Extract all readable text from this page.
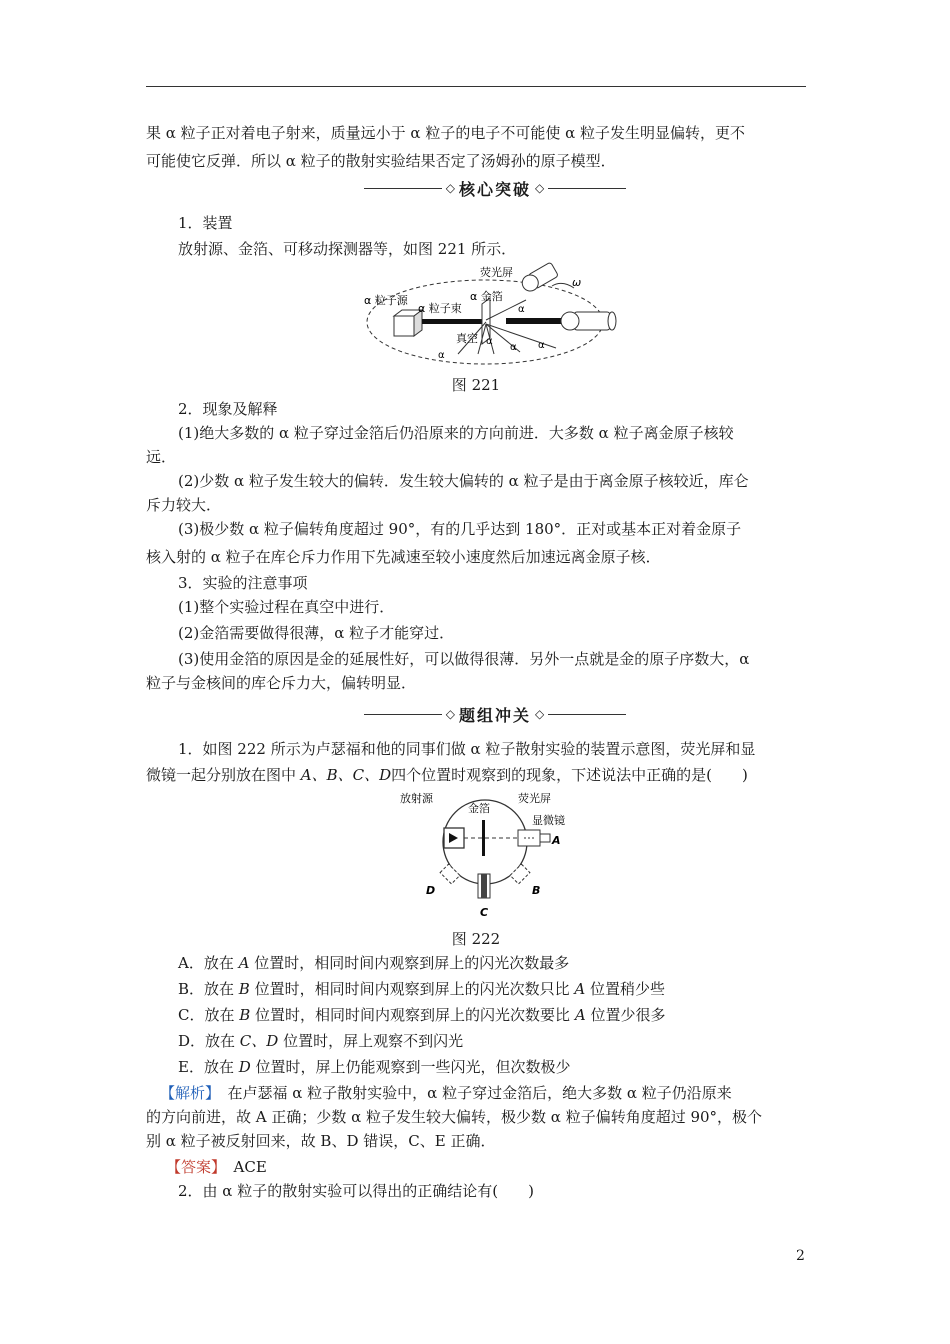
果 α 粒子正对着电子射来，质量远小于 α 粒子的电子不可能使 α 粒子发生明显偏转，更不
可能使它反弹．所以 α 粒子的散射实验结果否定了汤姆孙的原子模型．
◇ 核心突破 ◇
1．装置
放射源、金箔、可移动探测器等，如图 221 所示．
荧光屏
ω
α 粒子源	α 金箔
α 粒子束
真空
α
α
α α
α
图 221
2．现象及解释
(1)绝大多数的 α 粒子穿过金箔后仍沿原来的方向前进．大多数 α 粒子离金原子核较
远．
(2)少数 α 粒子发生较大的偏转．发生较大偏转的 α 粒子是由于离金原子核较近，库仑
斥力较大．
(3)极少数 α 粒子偏转角度超过 90°，有的几乎达到 180°．正对或基本正对着金原子
核入射的 α 粒子在库仑斥力作用下先减速至较小速度然后加速远离金原子核．
3．实验的注意事项
(1)整个实验过程在真空中进行．
(2)金箔需要做得很薄，α 粒子才能穿过．
(3)使用金箔的原因是金的延展性好，可以做得很薄．另外一点就是金的原子序数大，α
粒子与金核间的库仑斥力大，偏转明显．
◇ 题组冲关 ◇
1．如图 222 所示为卢瑟福和他的同事们做 α 粒子散射实验的装置示意图，荧光屏和显
微镜一起分别放在图中 A、B、C、D四个位置时观察到的现象，下述说法中正确的是(　　)
放射源
金箔
荧光屏
显微镜
A
B
C
D
图 222
A．放在 A 位置时，相同时间内观察到屏上的闪光次数最多
B．放在 B 位置时，相同时间内观察到屏上的闪光次数只比 A 位置稍少些
C．放在 B 位置时，相同时间内观察到屏上的闪光次数要比 A 位置少很多
D．放在 C、D 位置时，屏上观察不到闪光
E．放在 D 位置时，屏上仍能观察到一些闪光，但次数极少
【解析】　在卢瑟福 α 粒子散射实验中，α 粒子穿过金箔后，绝大多数 α 粒子仍沿原来
的方向前进，故 A 正确；少数 α 粒子发生较大偏转，极少数 α 粒子偏转角度超过 90°，极个
别 α 粒子被反射回来，故 B、D 错误，C、E 正确．
【答案】　ACE
2．由 α 粒子的散射实验可以得出的正确结论有(　　)
2
